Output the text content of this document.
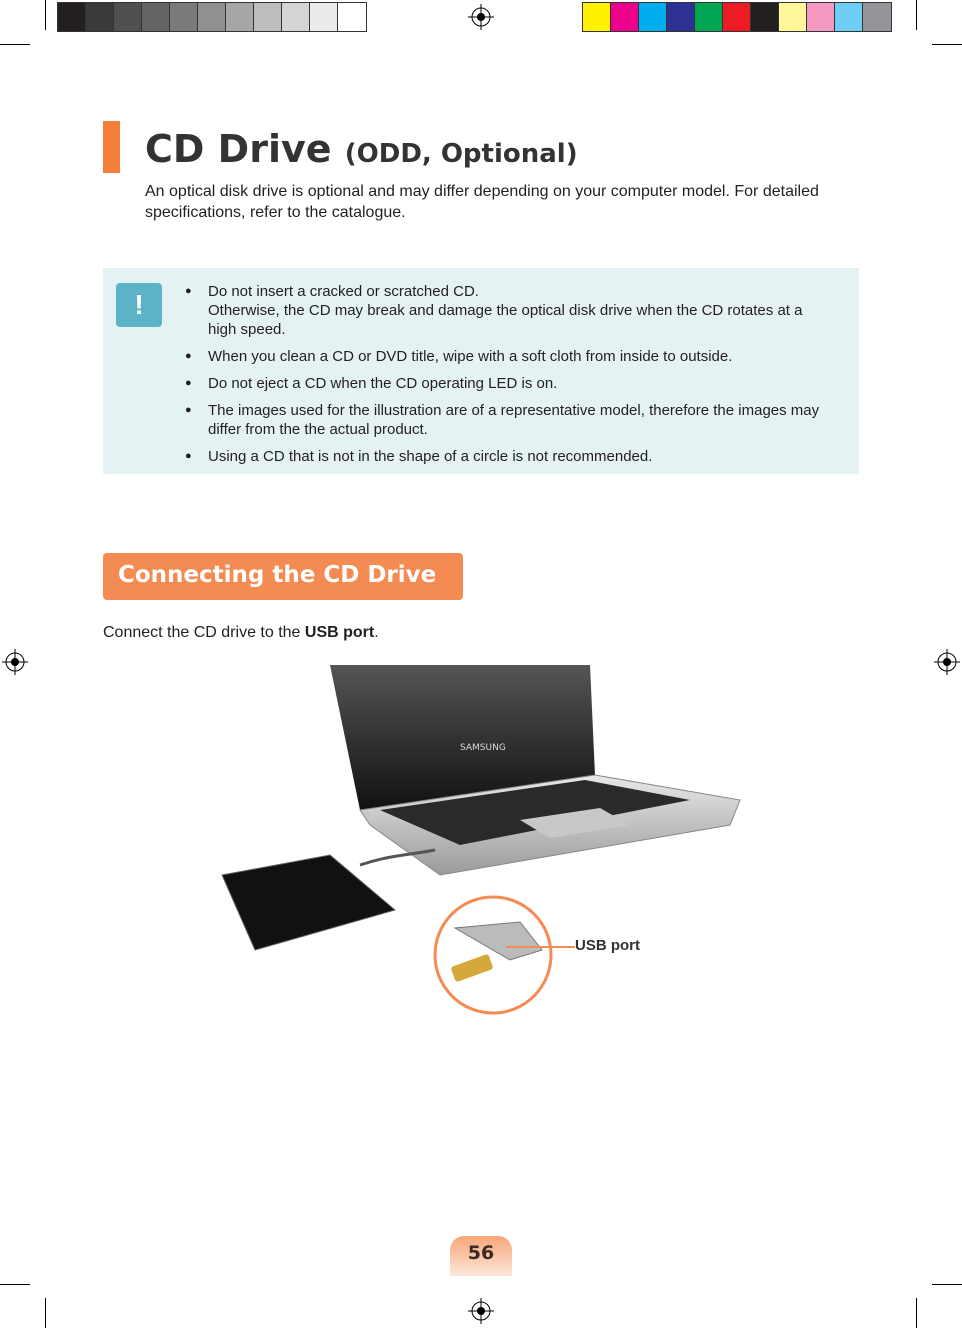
CD Drive (ODD, Optional)
An optical disk drive is optional and may differ depending on your computer model. For detailed specifications, refer to the catalogue.
!
●	Do not insert a cracked or scratched CD.
Otherwise, the CD may break and damage the optical disk drive when the CD rotates at a high speed.
● When you clean a CD or DVD title, wipe with a soft cloth from inside to outside.
● Do not eject a CD when the CD operating LED is on.
● The images used for the illustration are of a representative model, therefore the images may differ from the the actual product.
● Using a CD that is not in the shape of a circle is not recommended.
Connecting the CD Drive
Connect the CD drive to the USB port.
SAMSUNG
USB port
56
